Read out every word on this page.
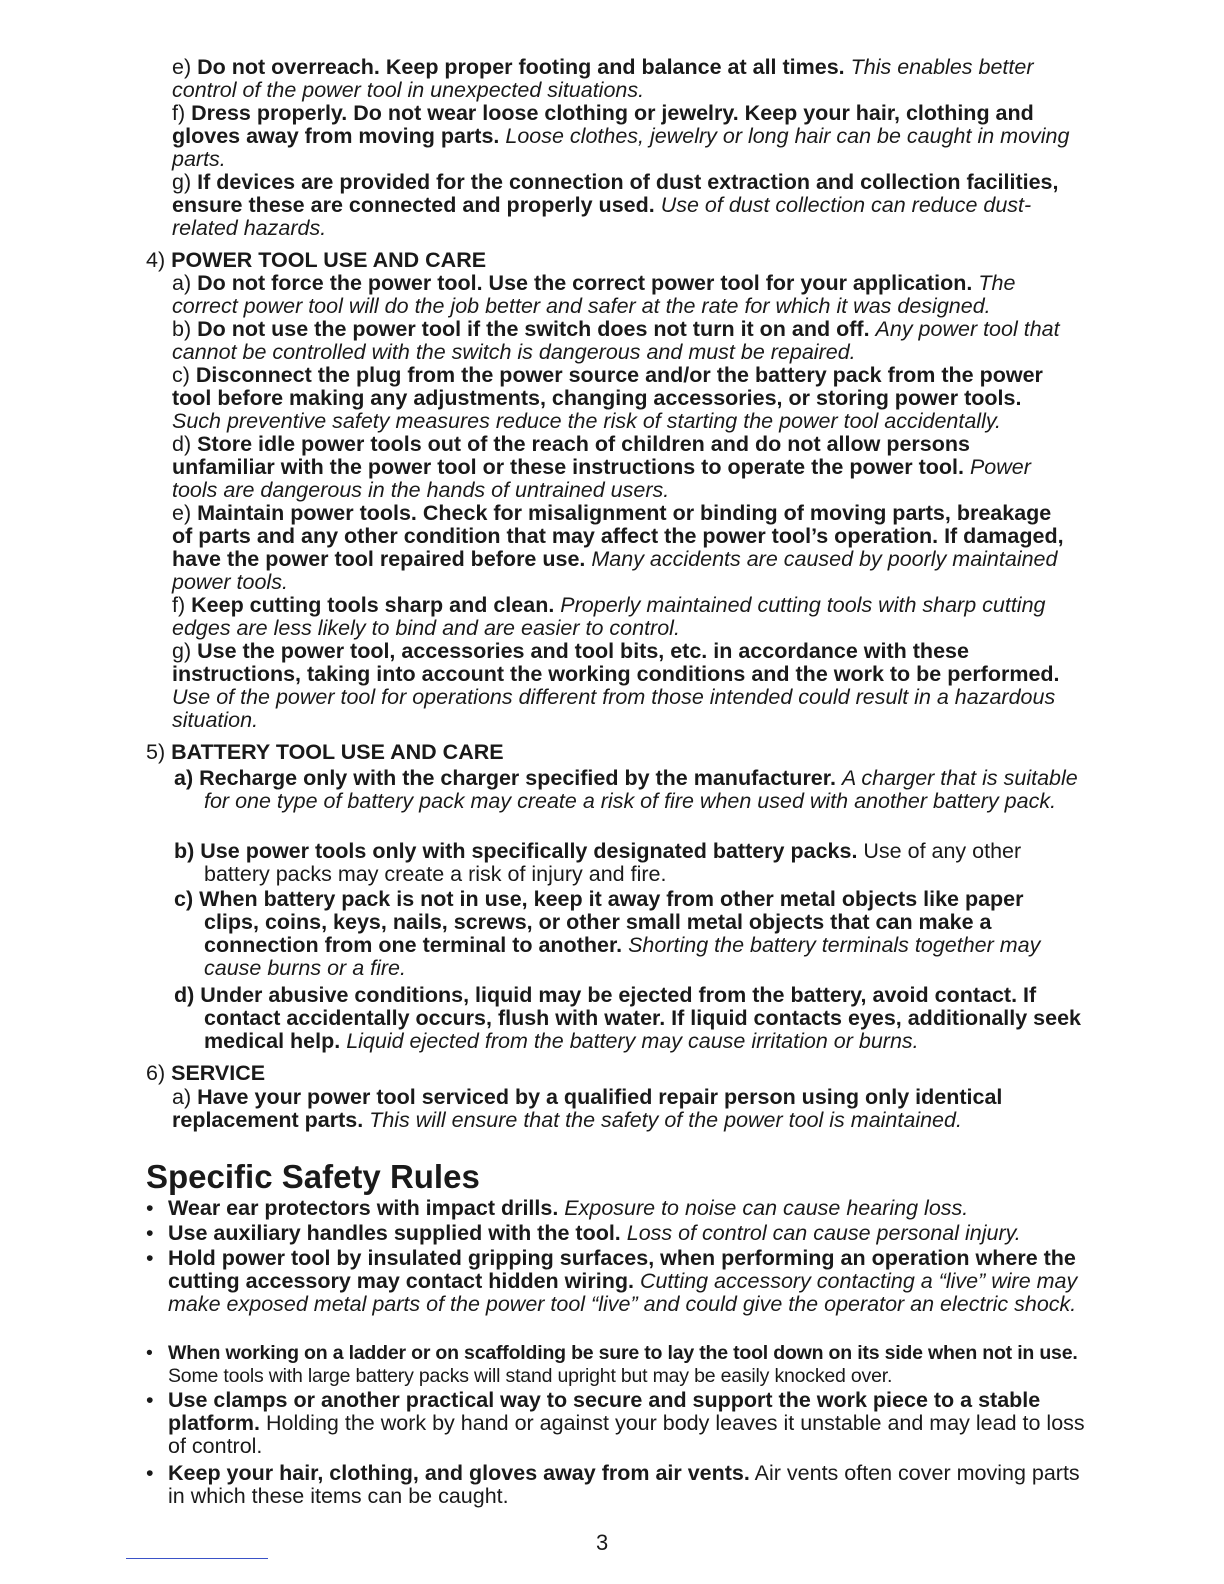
e) Do not overreach. Keep proper footing and balance at all times. This enables better control of the power tool in unexpected situations.

f) Dress properly. Do not wear loose clothing or jewelry. Keep your hair, clothing and gloves away from moving parts. Loose clothes, jewelry or long hair can be caught in moving parts.

g) If devices are provided for the connection of dust extraction and collection facilities, ensure these are connected and properly used. Use of dust collection can reduce dust-related hazards.

4) POWER TOOL USE AND CARE

a) Do not force the power tool. Use the correct power tool for your application. The correct power tool will do the job better and safer at the rate for which it was designed.

b) Do not use the power tool if the switch does not turn it on and off. Any power tool that cannot be controlled with the switch is dangerous and must be repaired.

c) Disconnect the plug from the power source and/or the battery pack from the power tool before making any adjustments, changing accessories, or storing power tools. Such preventive safety measures reduce the risk of starting the power tool accidentally.

d) Store idle power tools out of the reach of children and do not allow persons unfamiliar with the power tool or these instructions to operate the power tool. Power tools are dangerous in the hands of untrained users.

e) Maintain power tools. Check for misalignment or binding of moving parts, breakage of parts and any other condition that may affect the power tool’s operation. If damaged, have the power tool repaired before use. Many accidents are caused by poorly maintained power tools.

f) Keep cutting tools sharp and clean. Properly maintained cutting tools with sharp cutting edges are less likely to bind and are easier to control.

g) Use the power tool, accessories and tool bits, etc. in accordance with these instructions, taking into account the working conditions and the work to be performed. Use of the power tool for operations different from those intended could result in a hazardous situation.

5) BATTERY TOOL USE AND CARE

a) Recharge only with the charger specified by the manufacturer. A charger that is suitable for one type of battery pack may create a risk of fire when used with another battery pack.

b) Use power tools only with specifically designated battery packs. Use of any other battery packs may create a risk of injury and fire.

c) When battery pack is not in use, keep it away from other metal objects like paper clips, coins, keys, nails, screws, or other small metal objects that can make a connection from one terminal to another. Shorting the battery terminals together may cause burns or a fire.

d) Under abusive conditions, liquid may be ejected from the battery, avoid contact. If contact accidentally occurs, flush with water. If liquid contacts eyes, additionally seek medical help. Liquid ejected from the battery may cause irritation or burns.

6) SERVICE

a) Have your power tool serviced by a qualified repair person using only identical replacement parts. This will ensure that the safety of the power tool is maintained.

Specific Safety Rules

• Wear ear protectors with impact drills. Exposure to noise can cause hearing loss.

• Use auxiliary handles supplied with the tool. Loss of control can cause personal injury.

• Hold power tool by insulated gripping surfaces, when performing an operation where the cutting accessory may contact hidden wiring. Cutting accessory contacting a “live” wire may make exposed metal parts of the power tool “live” and could give the operator an electric shock.

• When working on a ladder or on scaffolding be sure to lay the tool down on its side when not in use. Some tools with large battery packs will stand upright but may be easily knocked over.

• Use clamps or another practical way to secure and support the work piece to a stable platform. Holding the work by hand or against your body leaves it unstable and may lead to loss of control.

• Keep your hair, clothing, and gloves away from air vents. Air vents often cover moving parts in which these items can be caught.

3
